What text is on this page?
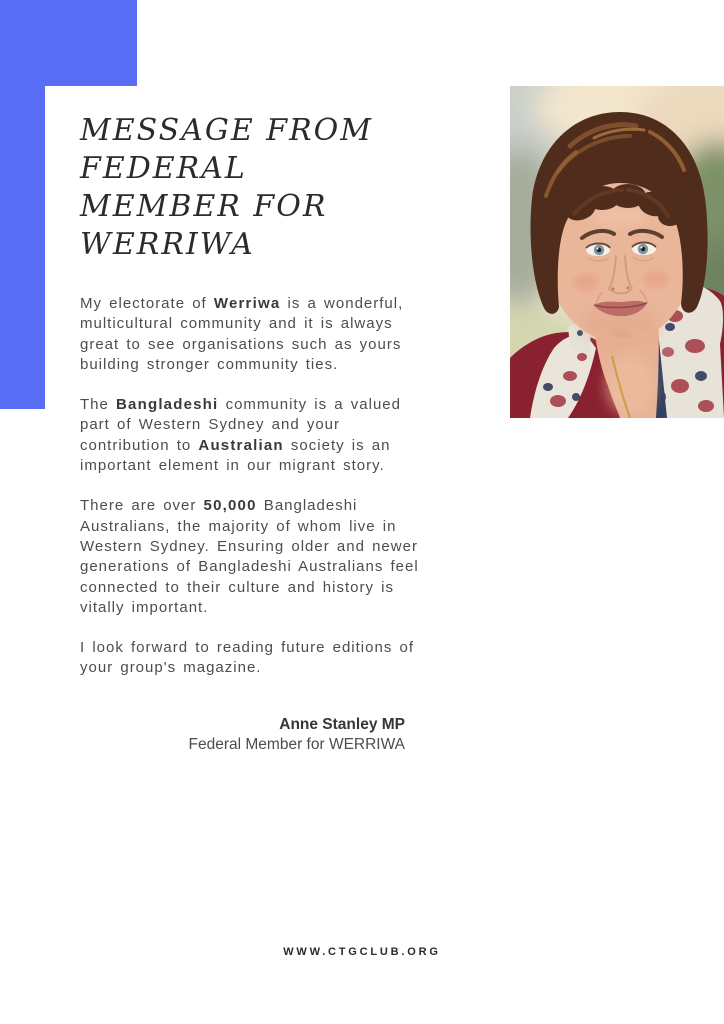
MESSAGE FROM
FEDERAL
MEMBER FOR
WERRIWA
My electorate of Werriwa is a wonderful,
multicultural community and it is always
great to see organisations such as yours
building stronger community ties.
The Bangladeshi community is a valued
part of Western Sydney and your
contribution to Australian society is an
important element in our migrant story.
There are over 50,000 Bangladeshi
Australians, the majority of whom live in
Western Sydney. Ensuring older and newer
generations of Bangladeshi Australians feel
connected to their culture and history is
vitally important.
I look forward to reading future editions of
your group's magazine.
Anne Stanley MP
Federal Member for WERRIWA
WWW.CTGCLUB.ORG
